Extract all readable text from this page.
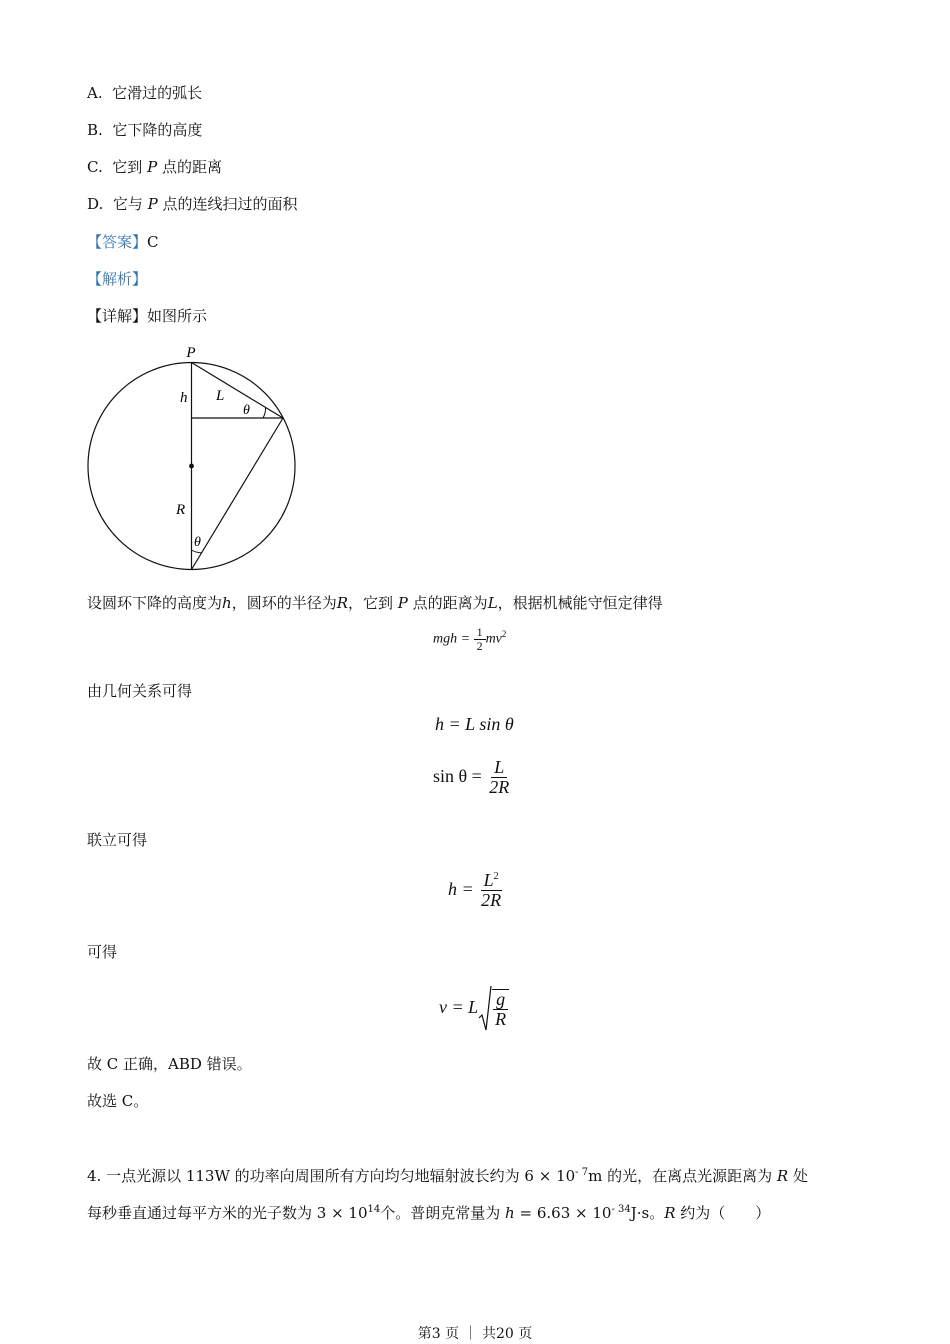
A. 它滑过的弧长
B. 它下降的高度
C. 它到 P 点的距离
D. 它与 P 点的连线扫过的面积
【答案】C
【解析】
【详解】如图所示
P
h L
θ
R
θ
设圆环下降的高度为h，圆环的半径为R，它到 P 点的距离为L，根据机械能守恒定律得
mgh = $\frac{1}{2} mv^2$
由几何关系可得
h = L sin θ
$\sin \theta = \frac{L}{2R}$
联立可得
$h = \frac{L^2}{2R}$
可得
v = L $\frac{g}{R}$
故 C 正确，ABD 错误。
故选 C。
4. 一点光源以 113W 的功率向周围所有方向均匀地辐射波长约为 $6 \times 10^{- 7}m$ 的光，在离点光源距离为 R 处
每秒垂直通过每平方米的光子数为 $3 \times 10^{14}$个。普朗克常量为 $h = 6.63 \times 10^{- 34}J\cdot s$。R 约为（　　）
第3 页 ｜ 共20 页
